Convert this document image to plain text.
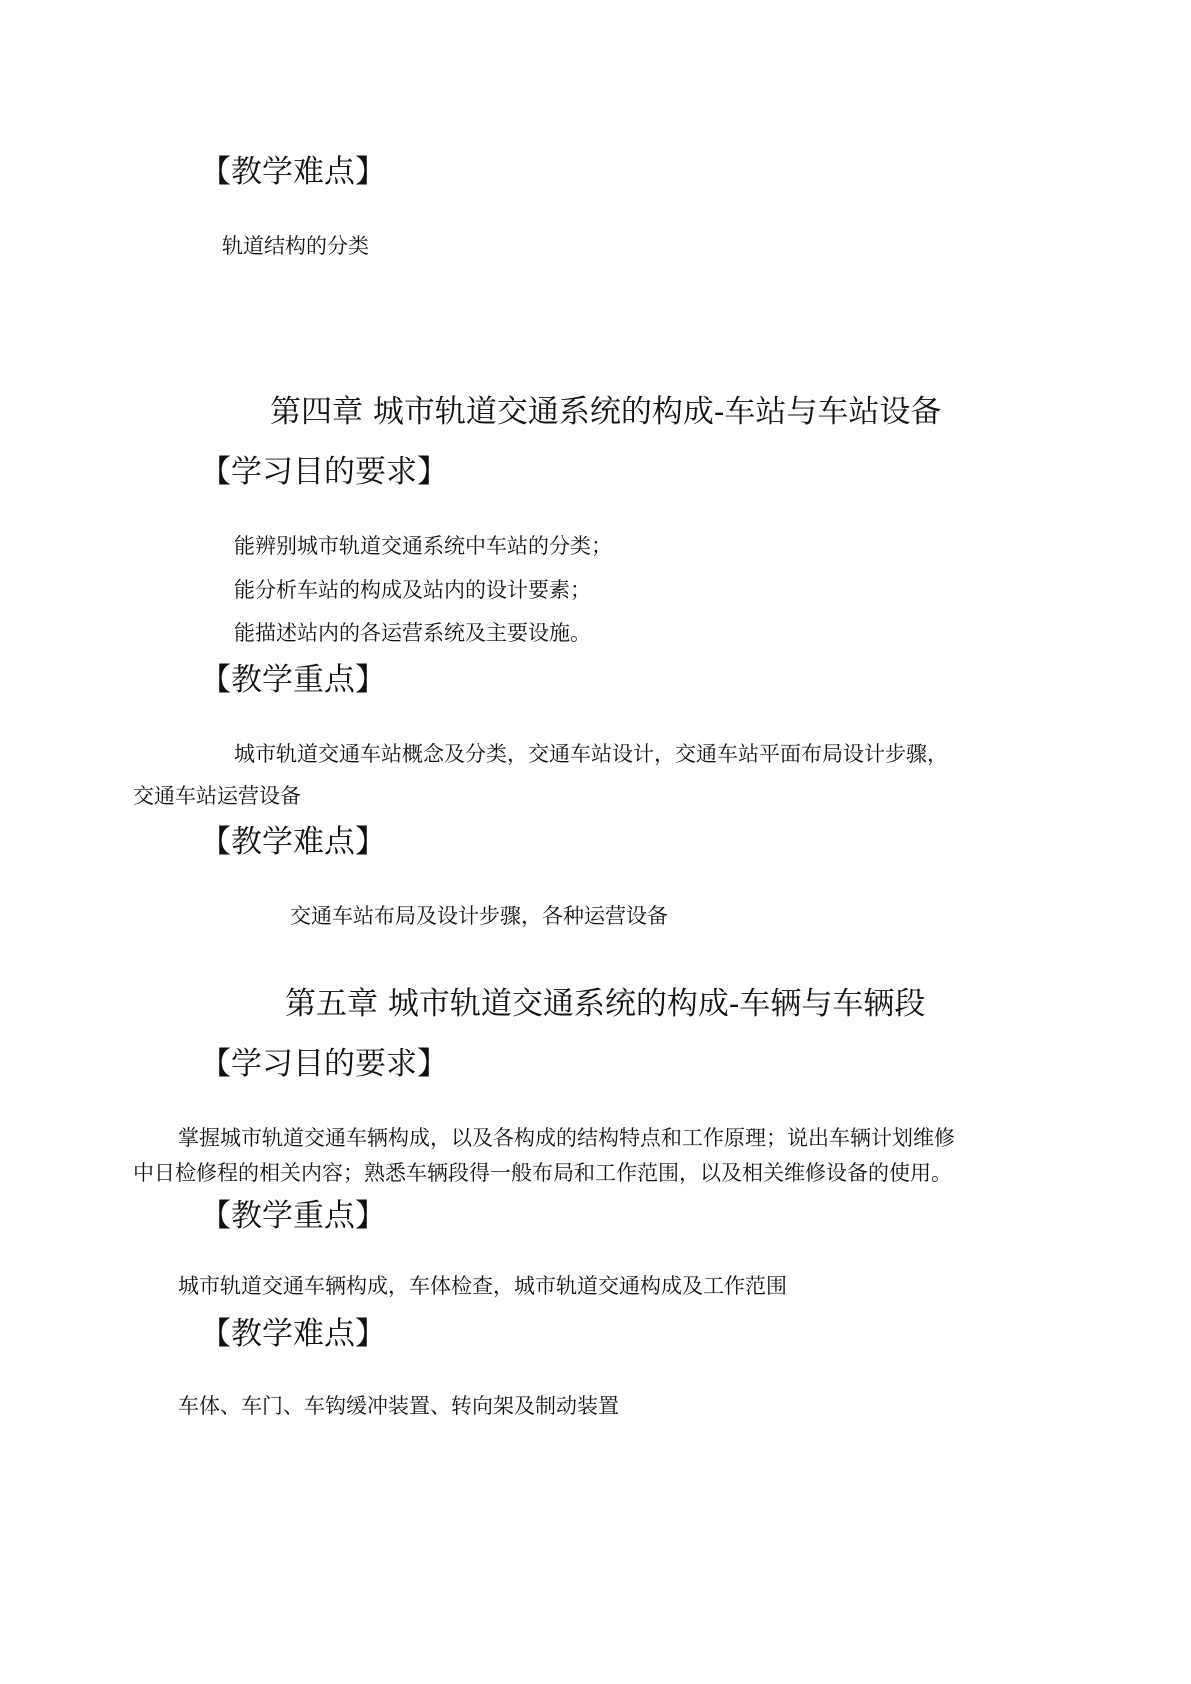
【教学难点】
轨道结构的分类
第四章 城市轨道交通系统的构成-车站与车站设备
【学习目的要求】
能辨别城市轨道交通系统中车站的分类；
能分析车站的构成及站内的设计要素；
能描述站内的各运营系统及主要设施。
【教学重点】
城市轨道交通车站概念及分类，交通车站设计，交通车站平面布局设计步骤，
交通车站运营设备
【教学难点】
交通车站布局及设计步骤，各种运营设备
第五章 城市轨道交通系统的构成-车辆与车辆段
【学习目的要求】
掌握城市轨道交通车辆构成，以及各构成的结构特点和工作原理；说出车辆计划维修
中日检修程的相关内容；熟悉车辆段得一般布局和工作范围，以及相关维修设备的使用。
【教学重点】
城市轨道交通车辆构成，车体检查，城市轨道交通构成及工作范围
【教学难点】
车体、车门、车钩缓冲装置、转向架及制动装置
